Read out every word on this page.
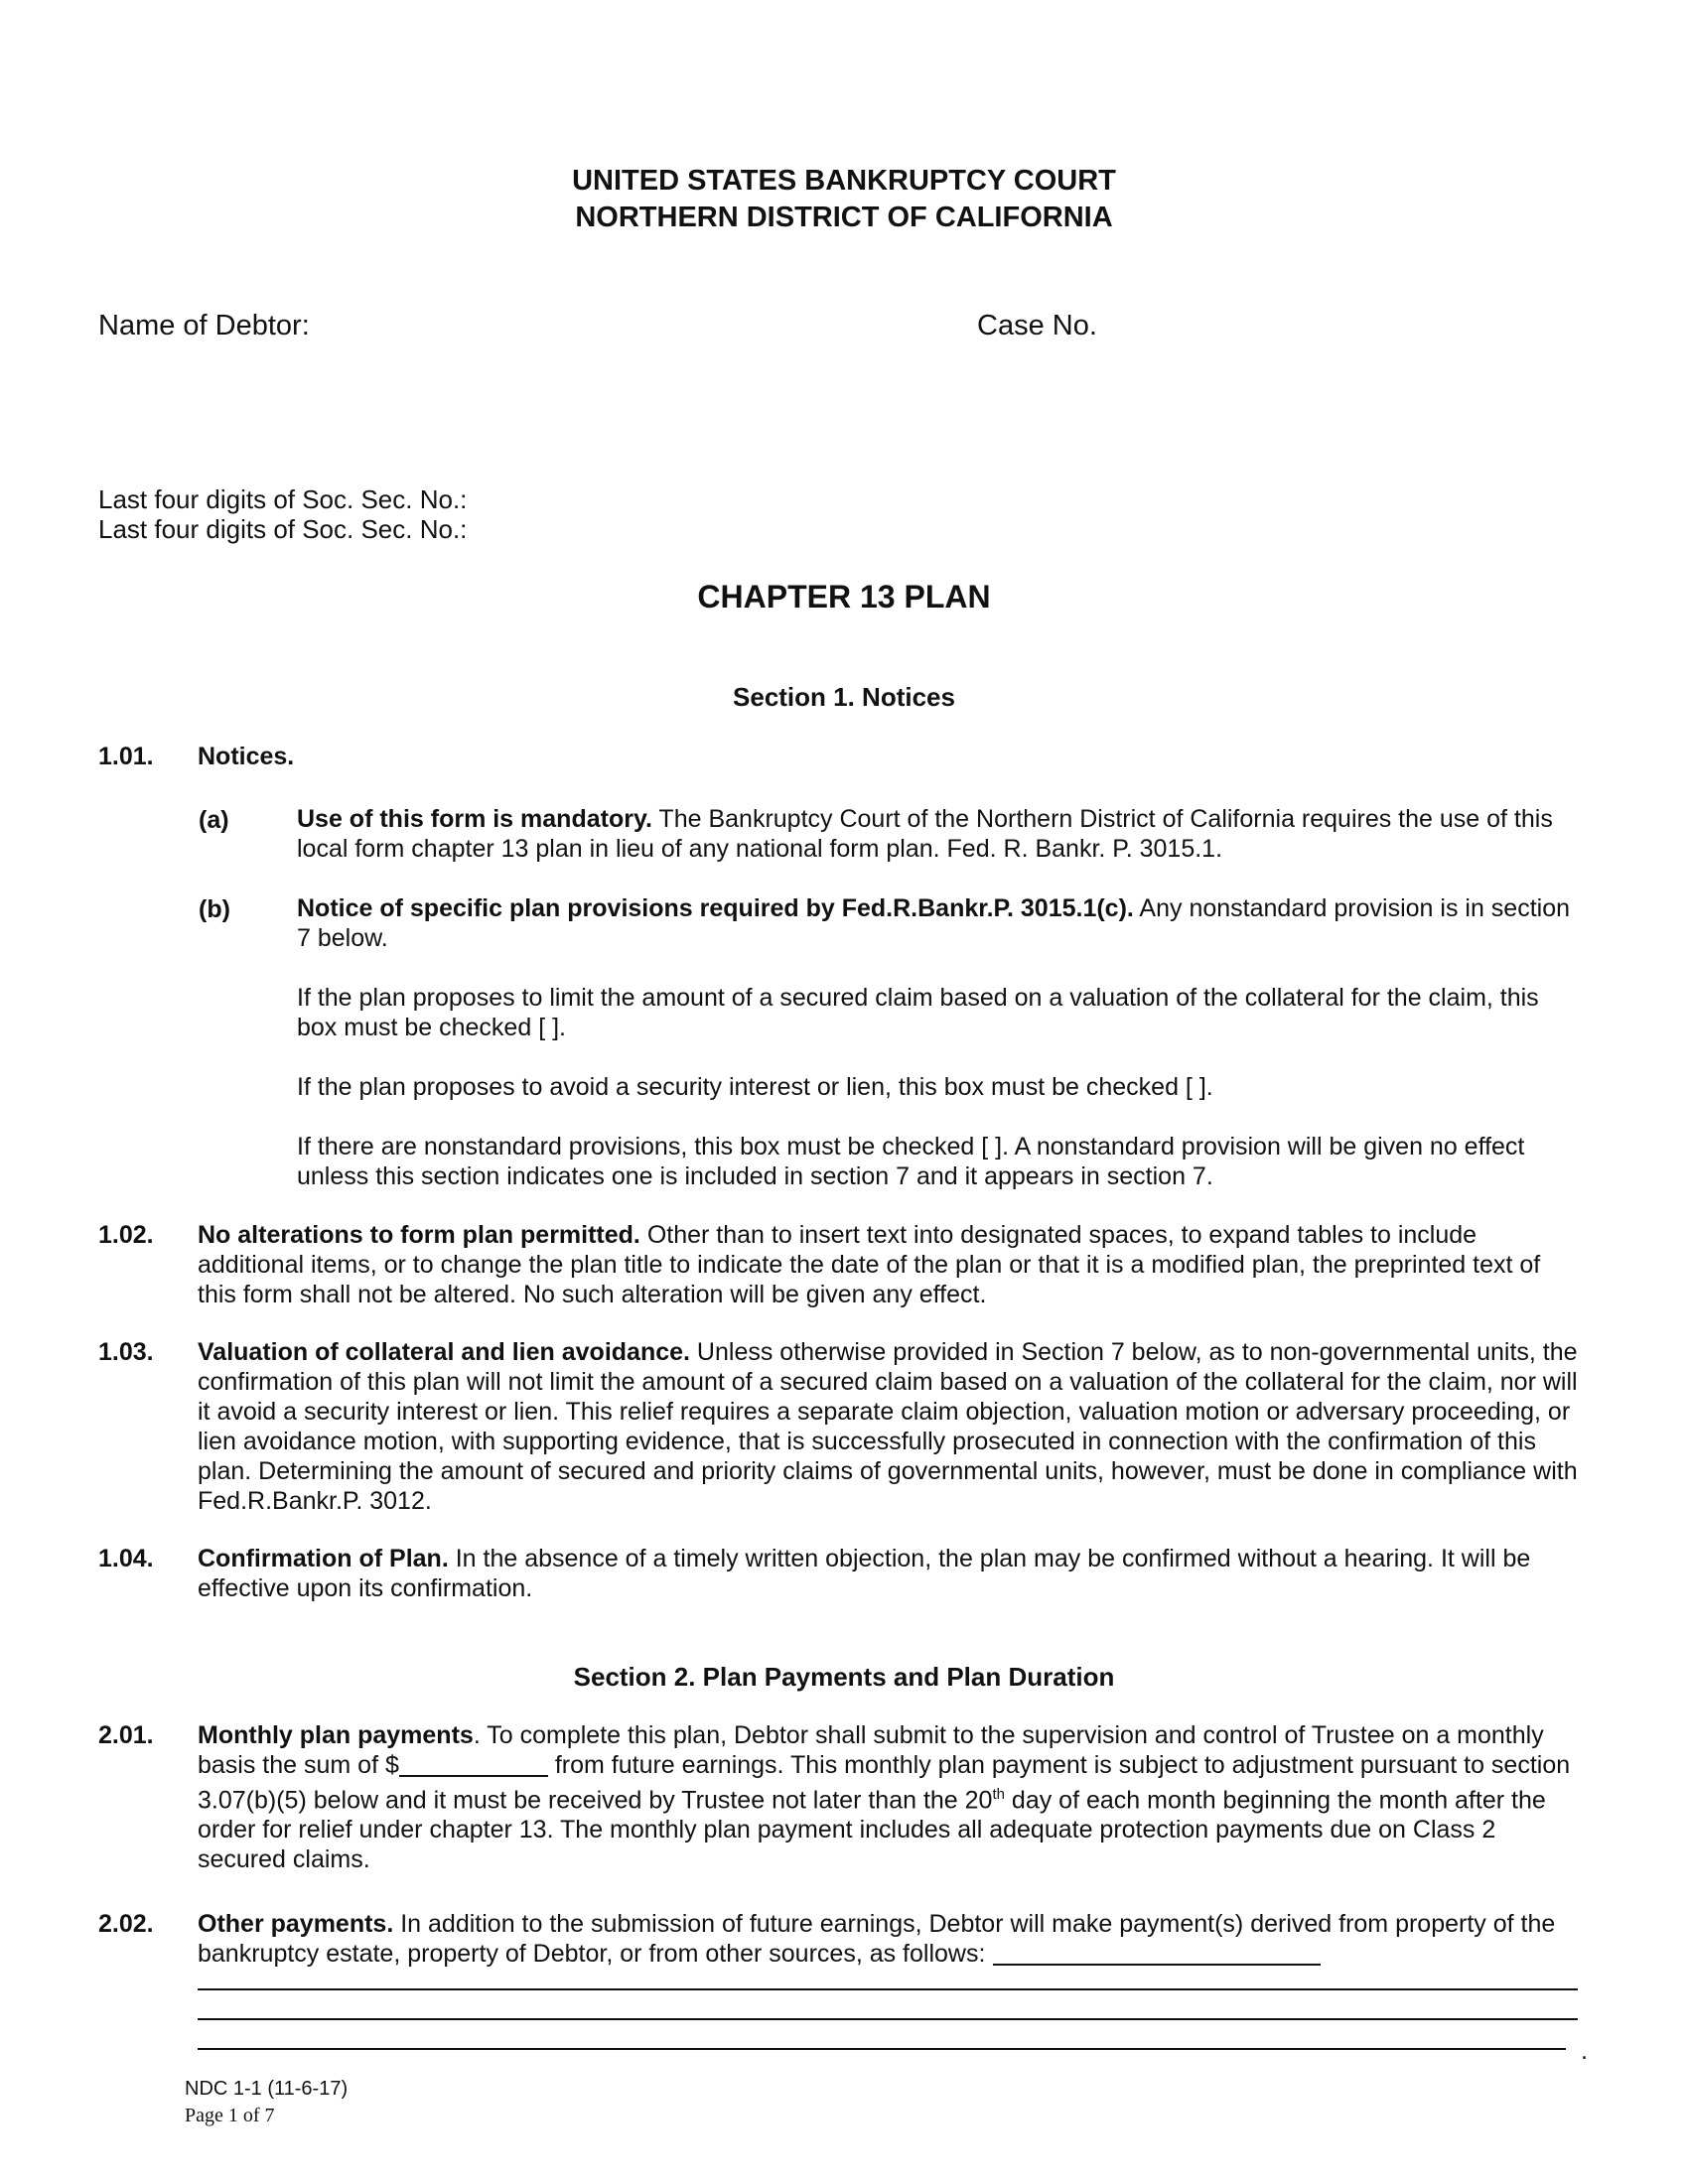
UNITED STATES BANKRUPTCY COURT
NORTHERN DISTRICT OF CALIFORNIA
Name of Debtor:	Case No.
Last four digits of Soc. Sec. No.:
Last four digits of Soc. Sec. No.:
CHAPTER 13 PLAN
Section 1. Notices
1.01. Notices.
(a)	Use of this form is mandatory. The Bankruptcy Court of the Northern District of California requires the use of this local form chapter 13 plan in lieu of any national form plan. Fed. R. Bankr. P. 3015.1.
(b)	Notice of specific plan provisions required by Fed.R.Bankr.P. 3015.1(c). Any nonstandard provision is in section 7 below.
If the plan proposes to limit the amount of a secured claim based on a valuation of the collateral for the claim, this box must be checked [ ].
If the plan proposes to avoid a security interest or lien, this box must be checked [ ].
If there are nonstandard provisions, this box must be checked [ ]. A nonstandard provision will be given no effect unless this section indicates one is included in section 7 and it appears in section 7.
1.02. No alterations to form plan permitted. Other than to insert text into designated spaces, to expand tables to include additional items, or to change the plan title to indicate the date of the plan or that it is a modified plan, the preprinted text of this form shall not be altered. No such alteration will be given any effect.
1.03. Valuation of collateral and lien avoidance. Unless otherwise provided in Section 7 below, as to non-governmental units, the confirmation of this plan will not limit the amount of a secured claim based on a valuation of the collateral for the claim, nor will it avoid a security interest or lien. This relief requires a separate claim objection, valuation motion or adversary proceeding, or lien avoidance motion, with supporting evidence, that is successfully prosecuted in connection with the confirmation of this plan. Determining the amount of secured and priority claims of governmental units, however, must be done in compliance with Fed.R.Bankr.P. 3012.
1.04. Confirmation of Plan. In the absence of a timely written objection, the plan may be confirmed without a hearing. It will be effective upon its confirmation.
Section 2. Plan Payments and Plan Duration
2.01. Monthly plan payments. To complete this plan, Debtor shall submit to the supervision and control of Trustee on a monthly basis the sum of $	from future earnings. This monthly plan payment is subject to adjustment pursuant to section 3.07(b)(5) below and it must be received by Trustee not later than the 20th day of each month beginning the month after the order for relief under chapter 13. The monthly plan payment includes all adequate protection payments due on Class 2 secured claims.
2.02. Other payments. In addition to the submission of future earnings, Debtor will make payment(s) derived from property of the bankruptcy estate, property of Debtor, or from other sources, as follows:
.
NDC 1-1 (11-6-17)
Page 1 of 7
